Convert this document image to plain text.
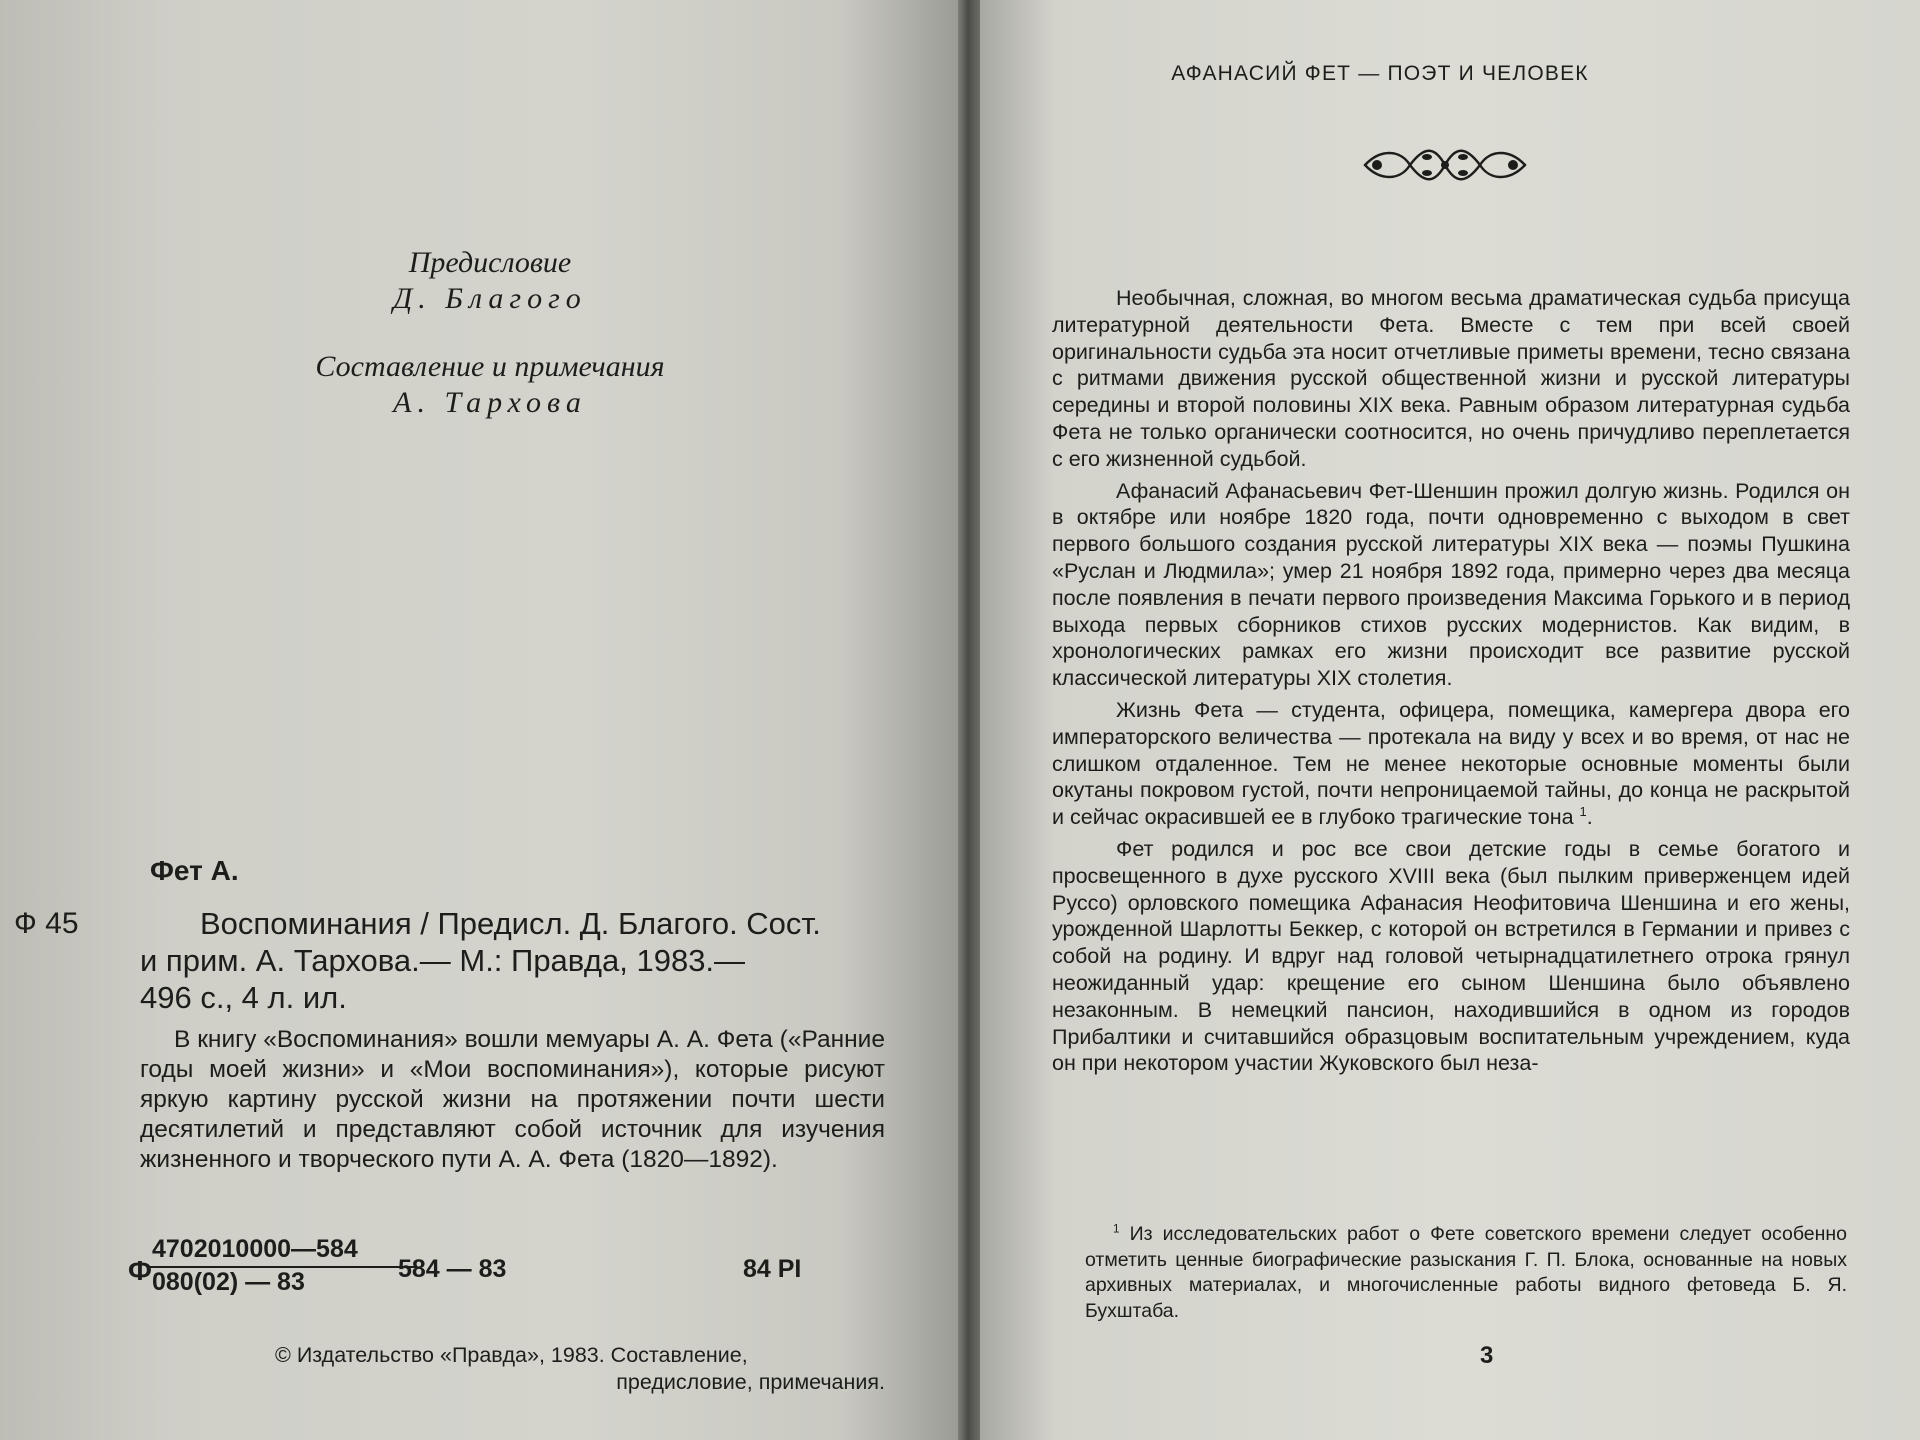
Предисловие
Д. Благого
Составление и примечания
А. Тархова
Фет А.
Ф 45	Воспоминания / Предисл. Д. Благого. Сост.
и прим. А. Тархова.— М.: Правда, 1983.—
496 с., 4 л. ил.

В книгу «Воспоминания» вошли мемуары А. А. Фета («Ранние годы моей жизни» и «Мои воспоминания»), которые рисуют яркую картину русской жизни на протяжении почти шести десятилетий и представляют собой источник для изучения жизненного и творческого пути А. А. Фета (1820—1892).

Ф
$\frac{4702010000—584}{080(02) — 83}$
584 — 83	84 PI
© Издательство «Правда», 1983. Составление,
предисловие, примечания.
АФАНАСИЙ ФЕТ — ПОЭТ И ЧЕЛОВЕК

Необычная, сложная, во многом весьма драматическая судьба присуща литературной деятельности Фета. Вместе с тем при всей своей оригинальности судьба эта носит отчетливые приметы времени, тесно связана с ритмами движения русской общественной жизни и русской литературы середины и второй половины XIX века. Равным образом литературная судьба Фета не только органически соотносится, но очень причудливо переплетается с его жизненной судьбой.

Афанасий Афанасьевич Фет-Шеншин прожил долгую жизнь. Родился он в октябре или ноябре 1820 года, почти одновременно с выходом в свет первого большого создания русской литературы XIX века — поэмы Пушкина «Руслан и Людмила»; умер 21 ноября 1892 года, примерно через два месяца после появления в печати первого произведения Максима Горького и в период выхода первых сборников стихов русских модернистов. Как видим, в хронологических рамках его жизни происходит все развитие русской классической литературы XIX столетия.

Жизнь Фета — студента, офицера, помещика, камергера двора его императорского величества — протекала на виду у всех и во время, от нас не слишком отдаленное. Тем не менее некоторые основные моменты были окутаны покровом густой, почти непроницаемой тайны, до конца не раскрытой и сейчас окрасившей ее в глубоко трагические тона $^1$.

Фет родился и рос все свои детские годы в семье богатого и просвещенного в духе русского XVIII века (был пылким приверженцем идей Руссо) орловского помещика Афанасия Неофитовича Шеншина и его жены, урожденной Шарлотты Беккер, с которой он встретился в Германии и привез с собой на родину. И вдруг над головой четырнадцатилетнего отрока грянул неожиданный удар: крещение его сыном Шеншина было объявлено незаконным. В немецкий пансион, находившийся в одном из городов Прибалтики и считавшийся образцовым воспитательным учреждением, куда он при некотором участии Жуковского был неза-

$^1$ Из исследовательских работ о Фете советского времени следует особенно отметить ценные биографические разыскания Г. П. Блока, основанные на новых архивных материалах, и многочисленные работы видного фетоведа Б. Я. Бухштаба.

3
